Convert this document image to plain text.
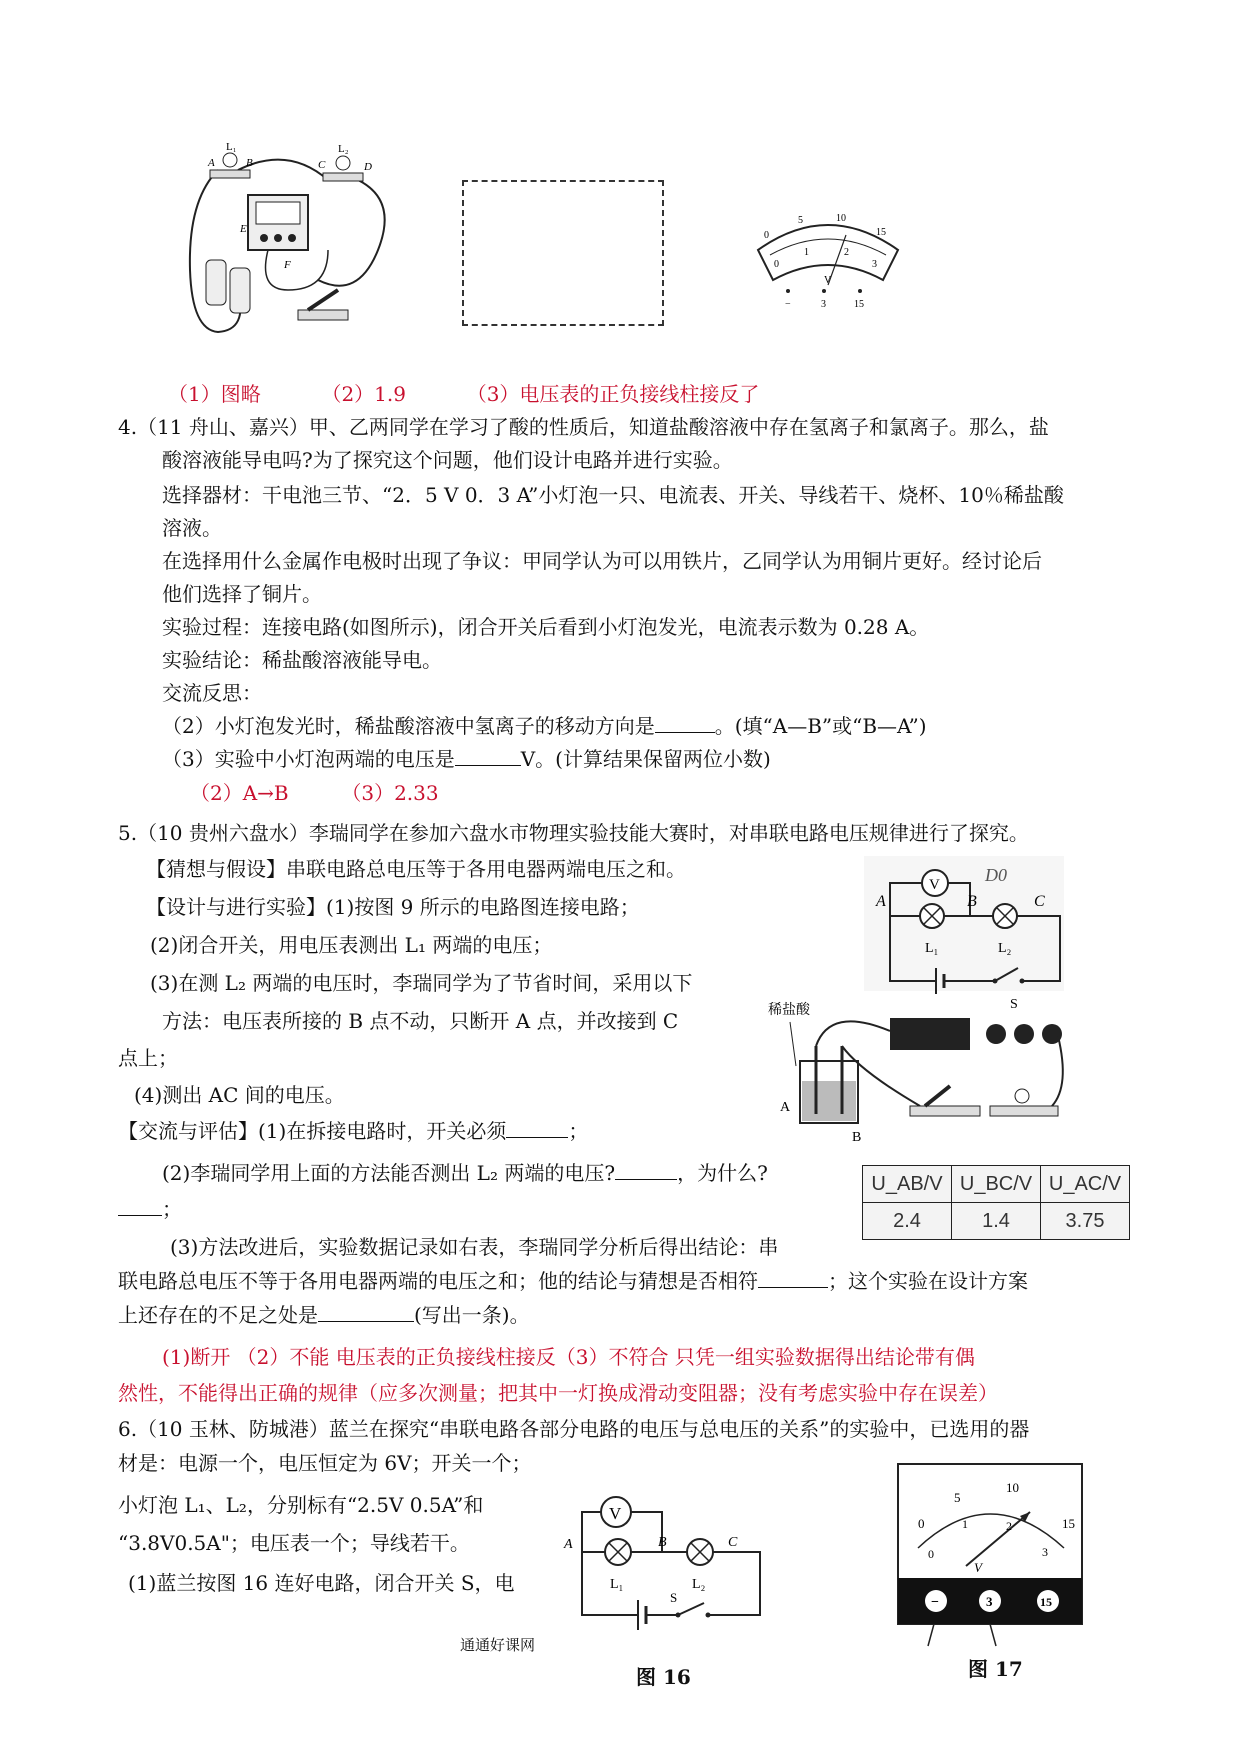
L₁	L₂
A	B	C	D
E
F
0
5	10
15
0
1	2
3
V
−	3	15
（1）图略	（2）1.9	（3）电压表的正负接线柱接反了
4.（11 舟山、嘉兴）甲、乙两同学在学习了酸的性质后，知道盐酸溶液中存在氢离子和氯离子。那么，盐
酸溶液能导电吗?为了探究这个问题，他们设计电路并进行实验。
选择器材：干电池三节、“2．5 V 0．3 A”小灯泡一只、电流表、开关、导线若干、烧杯、10％稀盐酸
溶液。
在选择用什么金属作电极时出现了争议：甲同学认为可以用铁片，乙同学认为用铜片更好。经讨论后
他们选择了铜片。
实验过程：连接电路(如图所示)，闭合开关后看到小灯泡发光，电流表示数为 0.28 A。
实验结论：稀盐酸溶液能导电。
交流反思：
（2）小灯泡发光时，稀盐酸溶液中氢离子的移动方向是	。(填“A—B”或“B—A”)
（3）实验中小灯泡两端的电压是	V。(计算结果保留两位小数)
（2）A→B	（3）2.33
5.（10 贵州六盘水）李瑞同学在参加六盘水市物理实验技能大赛时，对串联电路电压规律进行了探究。
【猜想与假设】串联电路总电压等于各用电器两端电压之和。
【设计与进行实验】(1)按图 9 所示的电路图连接电路；
(2)闭合开关，用电压表测出 L₁ 两端的电压；
(3)在测 L₂ 两端的电压时，李瑞同学为了节省时间，采用以下
方法：电压表所接的 B 点不动，只断开 A 点，并改接到 C
点上；
(4)测出 AC 间的电压。
【交流与评估】(1)在拆接电路时，开关必须	；
(2)李瑞同学用上面的方法能否测出 L₂ 两端的电压?	，为什么?
；
(3)方法改进后，实验数据记录如右表，李瑞同学分析后得出结论：串
联电路总电压不等于各用电器两端的电压之和；他的结论与猜想是否相符	；这个实验在设计方案
上还存在的不足之处是	(写出一条)。
(1)断开 （2）不能 电压表的正负接线柱接反（3）不符合 只凭一组实验数据得出结论带有偶
然性，不能得出正确的规律（应多次测量；把其中一灯换成滑动变阻器；没有考虑实验中存在误差）
V	D0
A	B	C
L₁	L₂
S
稀盐酸
A
B
U_AB/V	U_BC/V	U_AC/V
2.4	1.4	3.75
6.（10 玉林、防城港）蓝兰在探究“串联电路各部分电路的电压与总电压的关系”的实验中，已选用的器
材是：电源一个，电压恒定为 6V；开关一个；
小灯泡 L₁、L₂，分别标有“2.5V 0.5A”和
“3.8V0.5A"；电压表一个；导线若干。
(1)蓝兰按图 16 连好电路，闭合开关 S，电
V
A	B	C
L₁	L₂
S
通通好课网
图 16
0
5
10
15
0
1	2
3
V
−	3	15
图 17
